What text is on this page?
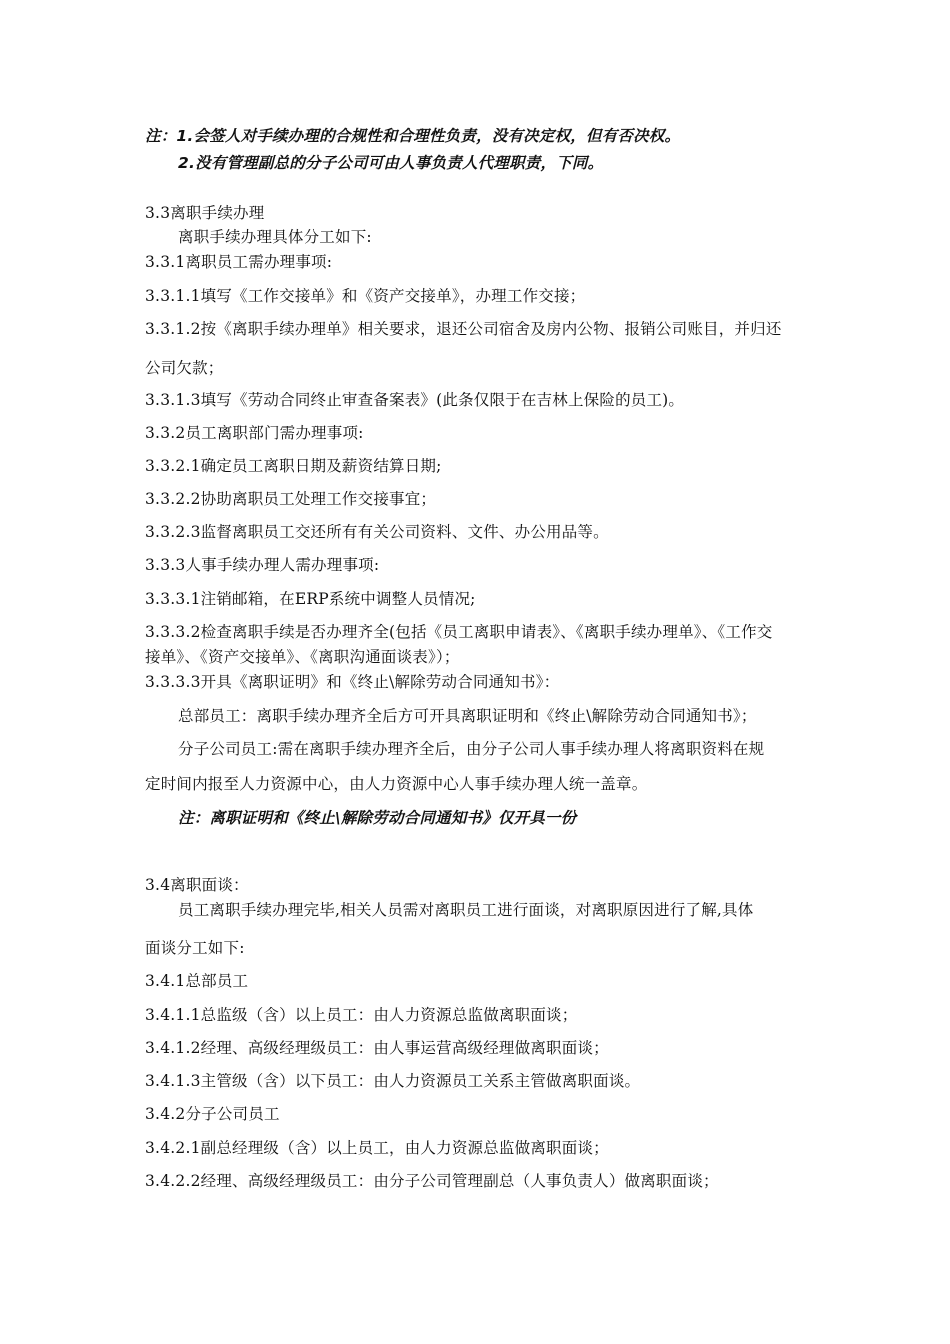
注：1.会签人对手续办理的合规性和合理性负责，没有决定权，但有否决权。
2.没有管理副总的分子公司可由人事负责人代理职责，下同。
3.3离职手续办理
离职手续办理具体分工如下:
3.3.1离职员工需办理事项:
3.3.1.1填写《工作交接单》和《资产交接单》，办理工作交接；
3.3.1.2按《离职手续办理单》相关要求，退还公司宿舍及房内公物、报销公司账目，并归还
公司欠款；
3.3.1.3填写《劳动合同终止审查备案表》(此条仅限于在吉林上保险的员工)。
3.3.2员工离职部门需办理事项:
3.3.2.1确定员工离职日期及薪资结算日期;
3.3.2.2协助离职员工处理工作交接事宜；
3.3.2.3监督离职员工交还所有有关公司资料、文件、办公用品等。
3.3.3人事手续办理人需办理事项:
3.3.3.1注销邮箱，在ERP系统中调整人员情况;
3.3.3.2检查离职手续是否办理齐全(包括《员工离职申请表》、《离职手续办理单》、《工作交
接单》、《资产交接单》、《离职沟通面谈表》）；
3.3.3.3开具《离职证明》和《终止\解除劳动合同通知书》：
总部员工：离职手续办理齐全后方可开具离职证明和《终止\解除劳动合同通知书》；
分子公司员工:需在离职手续办理齐全后，由分子公司人事手续办理人将离职资料在规
定时间内报至人力资源中心，由人力资源中心人事手续办理人统一盖章。
注：离职证明和《终止\解除劳动合同通知书》仅开具一份
3.4离职面谈：
员工离职手续办理完毕,相关人员需对离职员工进行面谈，对离职原因进行了解,具体
面谈分工如下:
3.4.1总部员工
3.4.1.1总监级（含）以上员工：由人力资源总监做离职面谈；
3.4.1.2经理、高级经理级员工：由人事运营高级经理做离职面谈；
3.4.1.3主管级（含）以下员工：由人力资源员工关系主管做离职面谈。
3.4.2分子公司员工
3.4.2.1副总经理级（含）以上员工，由人力资源总监做离职面谈；
3.4.2.2经理、高级经理级员工：由分子公司管理副总（人事负责人）做离职面谈；
